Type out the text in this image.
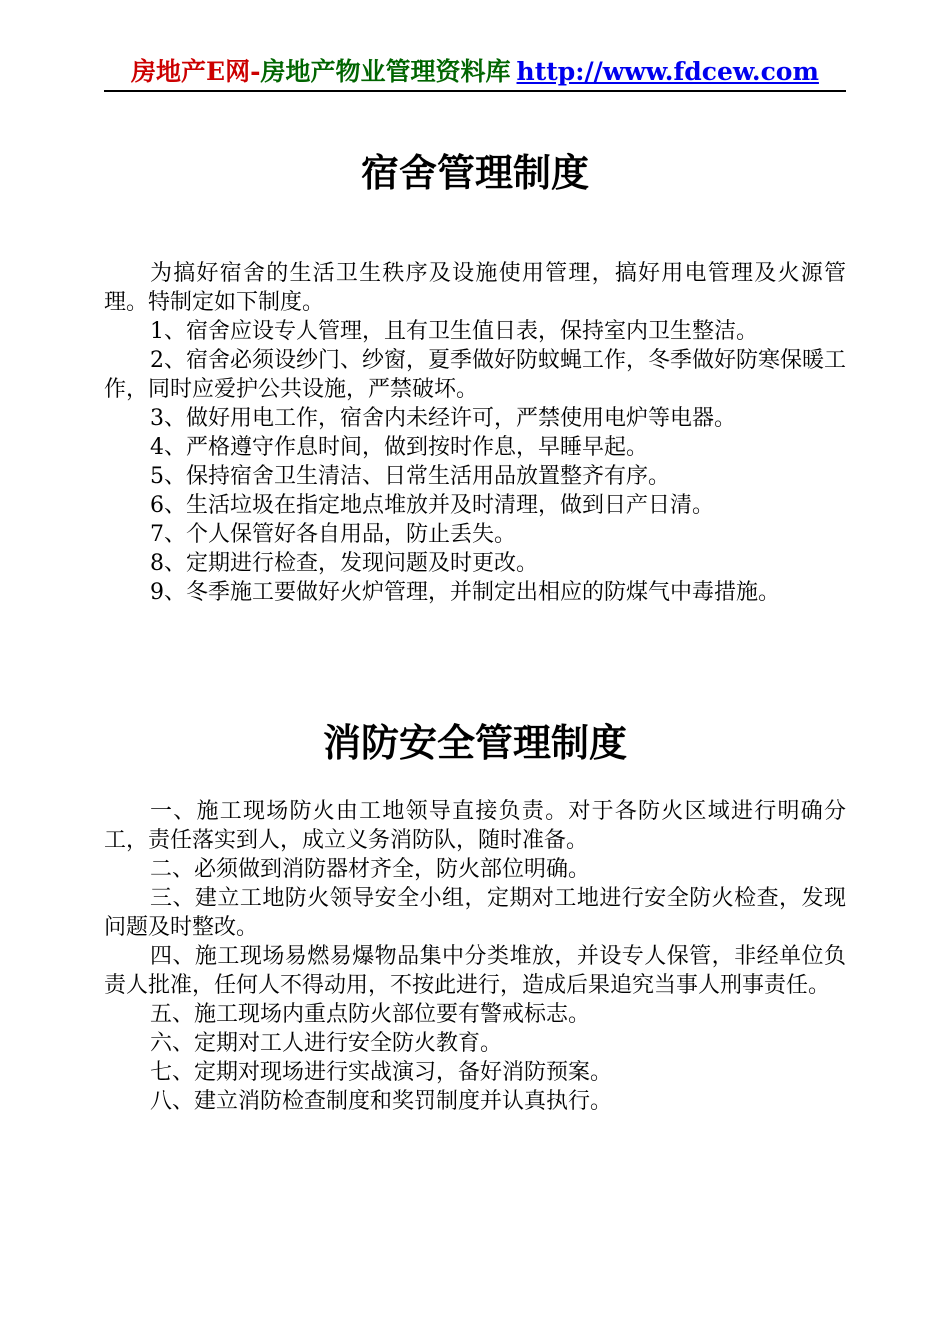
房地产E网-房地产物业管理资料库 http://www.fdcew.com
宿舍管理制度

为搞好宿舍的生活卫生秩序及设施使用管理，搞好用电管理及火源管理。特制定如下制度。

1、宿舍应设专人管理，且有卫生值日表，保持室内卫生整洁。

2、宿舍必须设纱门、纱窗，夏季做好防蚊蝇工作，冬季做好防寒保暖工作，同时应爱护公共设施，严禁破坏。

3、做好用电工作，宿舍内未经许可，严禁使用电炉等电器。

4、严格遵守作息时间，做到按时作息，早睡早起。

5、保持宿舍卫生清洁、日常生活用品放置整齐有序。

6、生活垃圾在指定地点堆放并及时清理，做到日产日清。

7、个人保管好各自用品，防止丢失。

8、定期进行检查，发现问题及时更改。

9、冬季施工要做好火炉管理，并制定出相应的防煤气中毒措施。

消防安全管理制度

一、施工现场防火由工地领导直接负责。对于各防火区域进行明确分工，责任落实到人，成立义务消防队，随时准备。

二、必须做到消防器材齐全，防火部位明确。

三、建立工地防火领导安全小组，定期对工地进行安全防火检查，发现问题及时整改。

四、施工现场易燃易爆物品集中分类堆放，并设专人保管，非经单位负责人批准，任何人不得动用，不按此进行，造成后果追究当事人刑事责任。

五、施工现场内重点防火部位要有警戒标志。

六、定期对工人进行安全防火教育。

七、定期对现场进行实战演习，备好消防预案。

八、建立消防检查制度和奖罚制度并认真执行。
